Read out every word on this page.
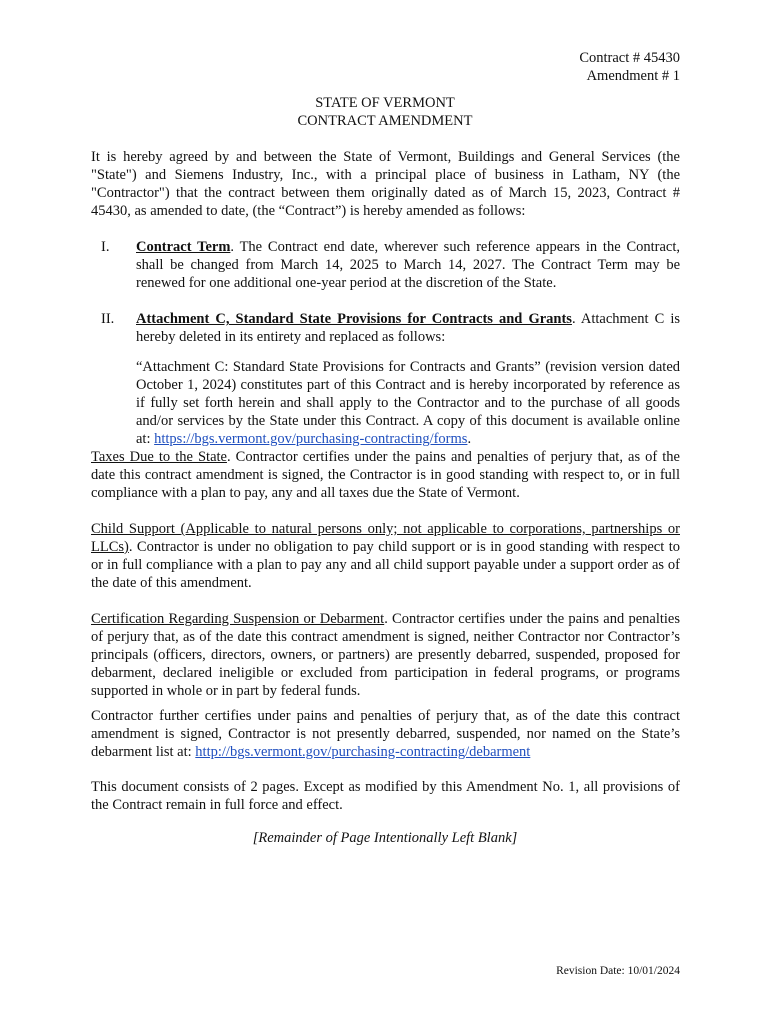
Contract # 45430
Amendment # 1
STATE OF VERMONT
CONTRACT AMENDMENT
It is hereby agreed by and between the State of Vermont, Buildings and General Services (the "State") and Siemens Industry, Inc., with a principal place of business in Latham, NY (the "Contractor") that the contract between them originally dated as of March 15, 2023, Contract # 45430, as amended to date, (the “Contract”) is hereby amended as follows:
I. Contract Term. The Contract end date, wherever such reference appears in the Contract, shall be changed from March 14, 2025 to March 14, 2027. The Contract Term may be renewed for one additional one-year period at the discretion of the State.
II. Attachment C, Standard State Provisions for Contracts and Grants. Attachment C is hereby deleted in its entirety and replaced as follows:
“Attachment C: Standard State Provisions for Contracts and Grants” (revision version dated October 1, 2024) constitutes part of this Contract and is hereby incorporated by reference as if fully set forth herein and shall apply to the Contractor and to the purchase of all goods and/or services by the State under this Contract. A copy of this document is available online at: https://bgs.vermont.gov/purchasing-contracting/forms.
Taxes Due to the State. Contractor certifies under the pains and penalties of perjury that, as of the date this contract amendment is signed, the Contractor is in good standing with respect to, or in full compliance with a plan to pay, any and all taxes due the State of Vermont.
Child Support (Applicable to natural persons only; not applicable to corporations, partnerships or LLCs). Contractor is under no obligation to pay child support or is in good standing with respect to or in full compliance with a plan to pay any and all child support payable under a support order as of the date of this amendment.
Certification Regarding Suspension or Debarment. Contractor certifies under the pains and penalties of perjury that, as of the date this contract amendment is signed, neither Contractor nor Contractor’s principals (officers, directors, owners, or partners) are presently debarred, suspended, proposed for debarment, declared ineligible or excluded from participation in federal programs, or programs supported in whole or in part by federal funds.
Contractor further certifies under pains and penalties of perjury that, as of the date this contract amendment is signed, Contractor is not presently debarred, suspended, nor named on the State’s debarment list at: http://bgs.vermont.gov/purchasing-contracting/debarment
This document consists of 2 pages. Except as modified by this Amendment No. 1, all provisions of the Contract remain in full force and effect.
[Remainder of Page Intentionally Left Blank]
Revision Date: 10/01/2024
